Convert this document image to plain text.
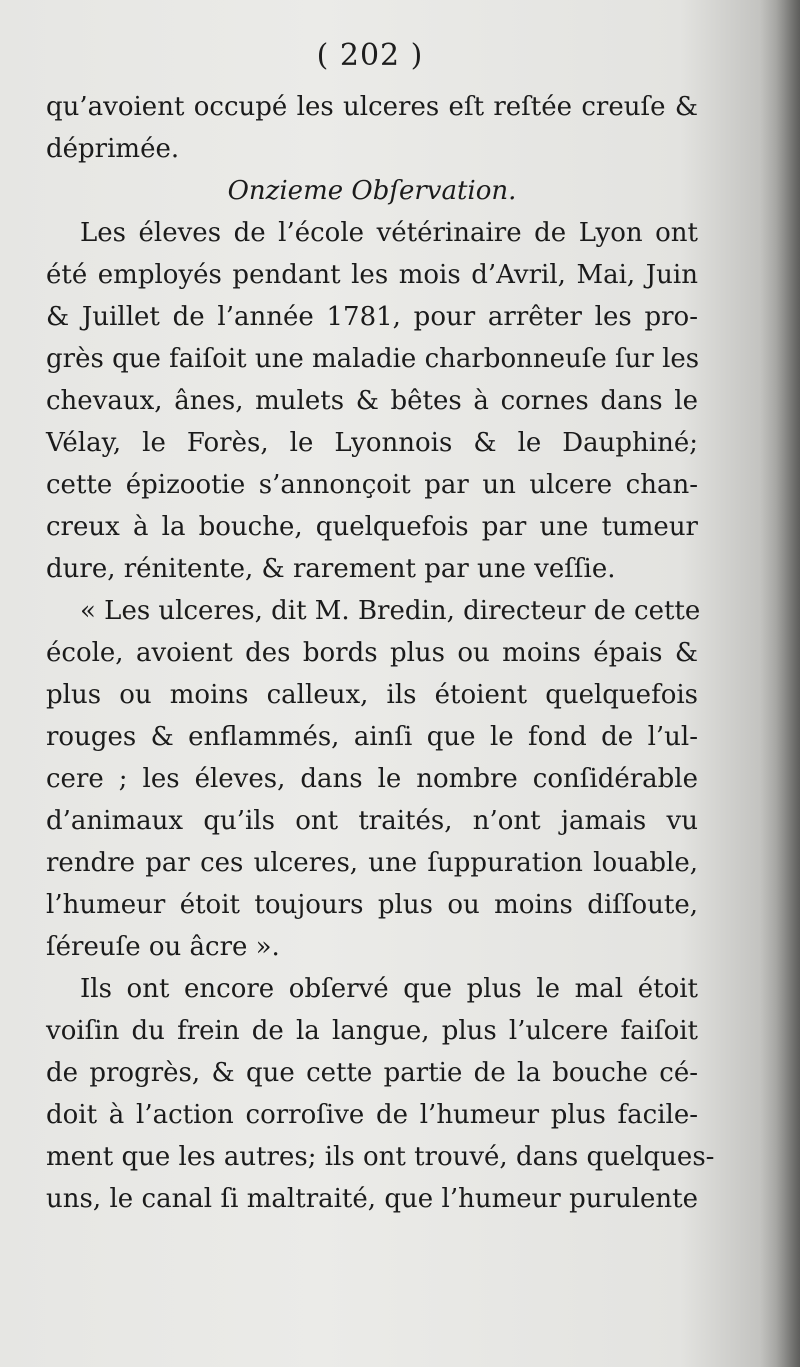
( 202 )
qu’avoient occupé les ulceres eſt reſtée creuſe &
déprimée.
Onzieme Obſervation.
Les éleves de l’école vétérinaire de Lyon ont
été employés pendant les mois d’Avril, Mai, Juin
& Juillet de l’année 1781, pour arrêter les pro-
grès que faiſoit une maladie charbonneuſe ſur les
chevaux, ânes, mulets & bêtes à cornes dans le
Vélay, le Forès, le Lyonnois & le Dauphiné;
cette épizootie s’annonçoit par un ulcere chan-
creux à la bouche, quelquefois par une tumeur
dure, rénitente, & rarement par une veſſie.
« Les ulceres, dit M. Bredin, directeur de cette
école, avoient des bords plus ou moins épais &
plus ou moins calleux, ils étoient quelquefois
rouges & enflammés, ainſi que le fond de l’ul-
cere ; les éleves, dans le nombre conſidérable
d’animaux qu’ils ont traités, n’ont jamais vu
rendre par ces ulceres, une ſuppuration louable,
l’humeur étoit toujours plus ou moins diſſoute,
ſéreuſe ou âcre ».
Ils ont encore obſervé que plus le mal étoit
voiſin du frein de la langue, plus l’ulcere faiſoit
de progrès, & que cette partie de la bouche cé-
doit à l’action corroſive de l’humeur plus facile-
ment que les autres; ils ont trouvé, dans quelques-
uns, le canal ſi maltraité, que l’humeur purulente
